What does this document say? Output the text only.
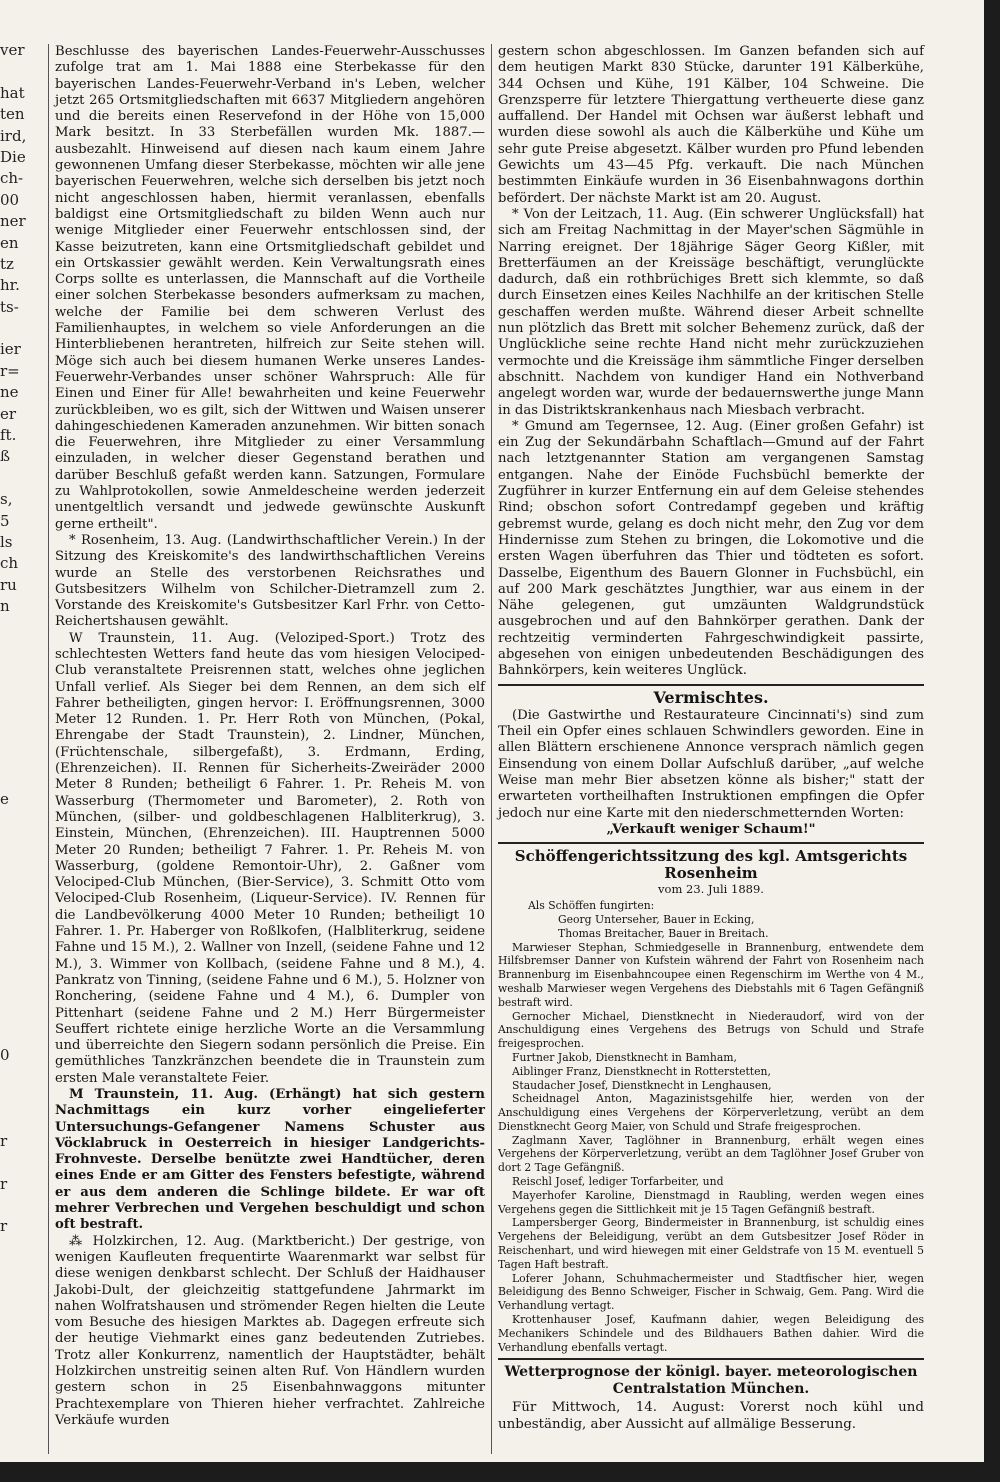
ver
hat
ten
ird,
Die
ch-
00
ner
en
tz
hr.
ts-
ier
r=
ne
er
ft.
ß
s,
5
ls
ch
ru
n
e
0
r
r
r

Beschlusse des bayerischen Landes-Feuerwehr-Ausschusses zufolge trat am 1. Mai 1888 eine Sterbekasse für den bayerischen Landes-Feuerwehr-Verband in's Leben, welcher jetzt 265 Ortsmitgliedschaften mit 6637 Mitgliedern angehören und die bereits einen Reservefond in der Höhe von 15,000 Mark besitzt. In 33 Sterbefällen wurden Mk. 1887.— ausbezahlt. Hinweisend auf diesen nach kaum einem Jahre gewonnenen Umfang dieser Sterbekasse, möchten wir alle jene bayerischen Feuerwehren, welche sich derselben bis jetzt noch nicht angeschlossen haben, hiermit veranlassen, ebenfalls baldigst eine Ortsmitgliedschaft zu bilden Wenn auch nur wenige Mitglieder einer Feuerwehr entschlossen sind, der Kasse beizutreten, kann eine Ortsmitgliedschaft gebildet und ein Ortskassier gewählt werden. Kein Verwaltungsrath eines Corps sollte es unterlassen, die Mannschaft auf die Vortheile einer solchen Sterbekasse besonders aufmerksam zu machen, welche der Familie bei dem schweren Verlust des Familienhauptes, in welchem so viele Anforderungen an die Hinterbliebenen herantreten, hilfreich zur Seite stehen will. Möge sich auch bei diesem humanen Werke unseres Landes-Feuerwehr-Verbandes unser schöner Wahrspruch: Alle für Einen und Einer für Alle! bewahrheiten und keine Feuerwehr zurückbleiben, wo es gilt, sich der Wittwen und Waisen unserer dahingeschiedenen Kameraden anzunehmen. Wir bitten sonach die Feuerwehren, ihre Mitglieder zu einer Versammlung einzuladen, in welcher dieser Gegenstand berathen und darüber Beschluß gefaßt werden kann. Satzungen, Formulare zu Wahlprotokollen, sowie Anmeldescheine werden jederzeit unentgeltlich versandt und jedwede gewünschte Auskunft gerne ertheilt".

* Rosenheim, 13. Aug. (Landwirthschaftlicher Verein.) In der Sitzung des Kreiskomite's des landwirthschaftlichen Vereins wurde an Stelle des verstorbenen Reichsrathes und Gutsbesitzers Wilhelm von Schilcher-Dietramzell zum 2. Vorstande des Kreiskomite's Gutsbesitzer Karl Frhr. von Cetto-Reichertshausen gewählt.

W Traunstein, 11. Aug. (Veloziped-Sport.) Trotz des schlechtesten Wetters fand heute das vom hiesigen Velociped-Club veranstaltete Preisrennen statt, welches ohne jeglichen Unfall verlief. Als Sieger bei dem Rennen, an dem sich elf Fahrer betheiligten, gingen hervor: I. Eröffnungsrennen, 3000 Meter 12 Runden. 1. Pr. Herr Roth von München, (Pokal, Ehrengabe der Stadt Traunstein), 2. Lindner, München, (Früchtenschale, silbergefaßt), 3. Erdmann, Erding, (Ehrenzeichen). II. Rennen für Sicherheits-Zweiräder 2000 Meter 8 Runden; betheiligt 6 Fahrer. 1. Pr. Reheis M. von Wasserburg (Thermometer und Barometer), 2. Roth von München, (silber- und goldbeschlagenen Halbliterkrug), 3. Einstein, München, (Ehrenzeichen). III. Hauptrennen 5000 Meter 20 Runden; betheiligt 7 Fahrer. 1. Pr. Reheis M. von Wasserburg, (goldene Remontoir-Uhr), 2. Gaßner vom Velociped-Club München, (Bier-Service), 3. Schmitt Otto vom Velociped-Club Rosenheim, (Liqueur-Service). IV. Rennen für die Landbevölkerung 4000 Meter 10 Runden; betheiligt 10 Fahrer. 1. Pr. Haberger von Roßlkofen, (Halbliterkrug, seidene Fahne und 15 M.), 2. Wallner von Inzell, (seidene Fahne und 12 M.), 3. Wimmer von Kollbach, (seidene Fahne und 8 M.), 4. Pankratz von Tinning, (seidene Fahne und 6 M.), 5. Holzner von Ronchering, (seidene Fahne und 4 M.), 6. Dumpler von Pittenhart (seidene Fahne und 2 M.) Herr Bürgermeister Seuffert richtete einige herzliche Worte an die Versammlung und überreichte den Siegern sodann persönlich die Preise. Ein gemüthliches Tanzkränzchen beendete die in Traunstein zum ersten Male veranstaltete Feier.

M Traunstein, 11. Aug. (Erhängt) hat sich gestern Nachmittags ein kurz vorher eingelieferter Untersuchungs-Gefangener Namens Schuster aus Vöcklabruck in Oesterreich in hiesiger Landgerichts-Frohnveste. Derselbe benützte zwei Handtücher, deren eines Ende er am Gitter des Fensters befestigte, während er aus dem anderen die Schlinge bildete. Er war oft mehrer Verbrechen und Vergehen beschuldigt und schon oft bestraft.

⁂ Holzkirchen, 12. Aug. (Marktbericht.) Der gestrige, von wenigen Kaufleuten frequentirte Waarenmarkt war selbst für diese wenigen denkbarst schlecht. Der Schluß der Haidhauser Jakobi-Dult, der gleichzeitig stattgefundene Jahrmarkt im nahen Wolfratshausen und strömender Regen hielten die Leute vom Besuche des hiesigen Marktes ab. Dagegen erfreute sich der heutige Viehmarkt eines ganz bedeutenden Zutriebes. Trotz aller Konkurrenz, namentlich der Hauptstädter, behält Holzkirchen unstreitig seinen alten Ruf. Von Händlern wurden gestern schon in 25 Eisenbahnwaggons mitunter Prachtexemplare von Thieren hieher verfrachtet. Zahlreiche Verkäufe wurden

gestern schon abgeschlossen. Im Ganzen befanden sich auf dem heutigen Markt 830 Stücke, darunter 191 Kälberkühe, 344 Ochsen und Kühe, 191 Kälber, 104 Schweine. Die Grenzsperre für letztere Thiergattung vertheuerte diese ganz auffallend. Der Handel mit Ochsen war äußerst lebhaft und wurden diese sowohl als auch die Kälberkühe und Kühe um sehr gute Preise abgesetzt. Kälber wurden pro Pfund lebenden Gewichts um 43—45 Pfg. verkauft. Die nach München bestimmten Einkäufe wurden in 36 Eisenbahnwagons dorthin befördert. Der nächste Markt ist am 20. August.

* Von der Leitzach, 11. Aug. (Ein schwerer Unglücksfall) hat sich am Freitag Nachmittag in der Mayer'schen Sägmühle in Narring ereignet. Der 18jährige Säger Georg Kißler, mit Bretterfäumen an der Kreissäge beschäftigt, verunglückte dadurch, daß ein rothbrüchiges Brett sich klemmte, so daß durch Einsetzen eines Keiles Nachhilfe an der kritischen Stelle geschaffen werden mußte. Während dieser Arbeit schnellte nun plötzlich das Brett mit solcher Behemenz zurück, daß der Unglückliche seine rechte Hand nicht mehr zurückzuziehen vermochte und die Kreissäge ihm sämmtliche Finger derselben abschnitt. Nachdem von kundiger Hand ein Nothverband angelegt worden war, wurde der bedauernswerthe junge Mann in das Distriktskrankenhaus nach Miesbach verbracht.

* Gmund am Tegernsee, 12. Aug. (Einer großen Gefahr) ist ein Zug der Sekundärbahn Schaftlach—Gmund auf der Fahrt nach letztgenannter Station am vergangenen Samstag entgangen. Nahe der Einöde Fuchsbüchl bemerkte der Zugführer in kurzer Entfernung ein auf dem Geleise stehendes Rind; obschon sofort Contredampf gegeben und kräftig gebremst wurde, gelang es doch nicht mehr, den Zug vor dem Hindernisse zum Stehen zu bringen, die Lokomotive und die ersten Wagen überfuhren das Thier und tödteten es sofort. Dasselbe, Eigenthum des Bauern Glonner in Fuchsbüchl, ein auf 200 Mark geschätztes Jungthier, war aus einem in der Nähe gelegenen, gut umzäunten Waldgrundstück ausgebrochen und auf den Bahnkörper gerathen. Dank der rechtzeitig verminderten Fahrgeschwindigkeit passirte, abgesehen von einigen unbedeutenden Beschädigungen des Bahnkörpers, kein weiteres Unglück.

Vermischtes.

(Die Gastwirthe und Restaurateure Cincinnati's) sind zum Theil ein Opfer eines schlauen Schwindlers geworden. Eine in allen Blättern erschienene Annonce versprach nämlich gegen Einsendung von einem Dollar Aufschluß darüber, „auf welche Weise man mehr Bier absetzen könne als bisher;" statt der erwarteten vortheilhaften Instruktionen empfingen die Opfer jedoch nur eine Karte mit den niederschmetternden Worten:

„Verkauft weniger Schaum!"
Schöffengerichtssitzung des kgl. Amtsgerichts Rosenheim
vom 23. Juli 1889.
Als Schöffen fungirten:
Georg Unterseher, Bauer in Ecking,
Thomas Breitacher, Bauer in Breitach.

Marwieser Stephan, Schmiedgeselle in Brannenburg, entwendete dem Hilfsbremser Danner von Kufstein während der Fahrt von Rosenheim nach Brannenburg im Eisenbahncoupee einen Regenschirm im Werthe von 4 M., weshalb Marwieser wegen Vergehens des Diebstahls mit 6 Tagen Gefängniß bestraft wird.

Gernocher Michael, Dienstknecht in Niederaudorf, wird von der Anschuldigung eines Vergehens des Betrugs von Schuld und Strafe freigesprochen.

Furtner Jakob, Dienstknecht in Bamham,

Aiblinger Franz, Dienstknecht in Rotterstetten,

Staudacher Josef, Dienstknecht in Lenghausen,

Scheidnagel Anton, Magazinistsgehilfe hier, werden von der Anschuldigung eines Vergehens der Körperverletzung, verübt an dem Dienstknecht Georg Maier, von Schuld und Strafe freigesprochen.

Zaglmann Xaver, Taglöhner in Brannenburg, erhält wegen eines Vergehens der Körperverletzung, verübt an dem Taglöhner Josef Gruber von dort 2 Tage Gefängniß.

Reischl Josef, lediger Torfarbeiter, und

Mayerhofer Karoline, Dienstmagd in Raubling, werden wegen eines Vergehens gegen die Sittlichkeit mit je 15 Tagen Gefängniß bestraft.

Lampersberger Georg, Bindermeister in Brannenburg, ist schuldig eines Vergehens der Beleidigung, verübt an dem Gutsbesitzer Josef Röder in Reischenhart, und wird hiewegen mit einer Geldstrafe von 15 M. eventuell 5 Tagen Haft bestraft.

Loferer Johann, Schuhmachermeister und Stadtfischer hier, wegen Beleidigung des Benno Schweiger, Fischer in Schwaig, Gem. Pang. Wird die Verhandlung vertagt.

Krottenhauser Josef, Kaufmann dahier, wegen Beleidigung des Mechanikers Schindele und des Bildhauers Bathen dahier. Wird die Verhandlung ebenfalls vertagt.

Wetterprognose der königl. bayer. meteorologischen Centralstation München.

Für Mittwoch, 14. August: Vorerst noch kühl und unbeständig, aber Aussicht auf allmälige Besserung.
